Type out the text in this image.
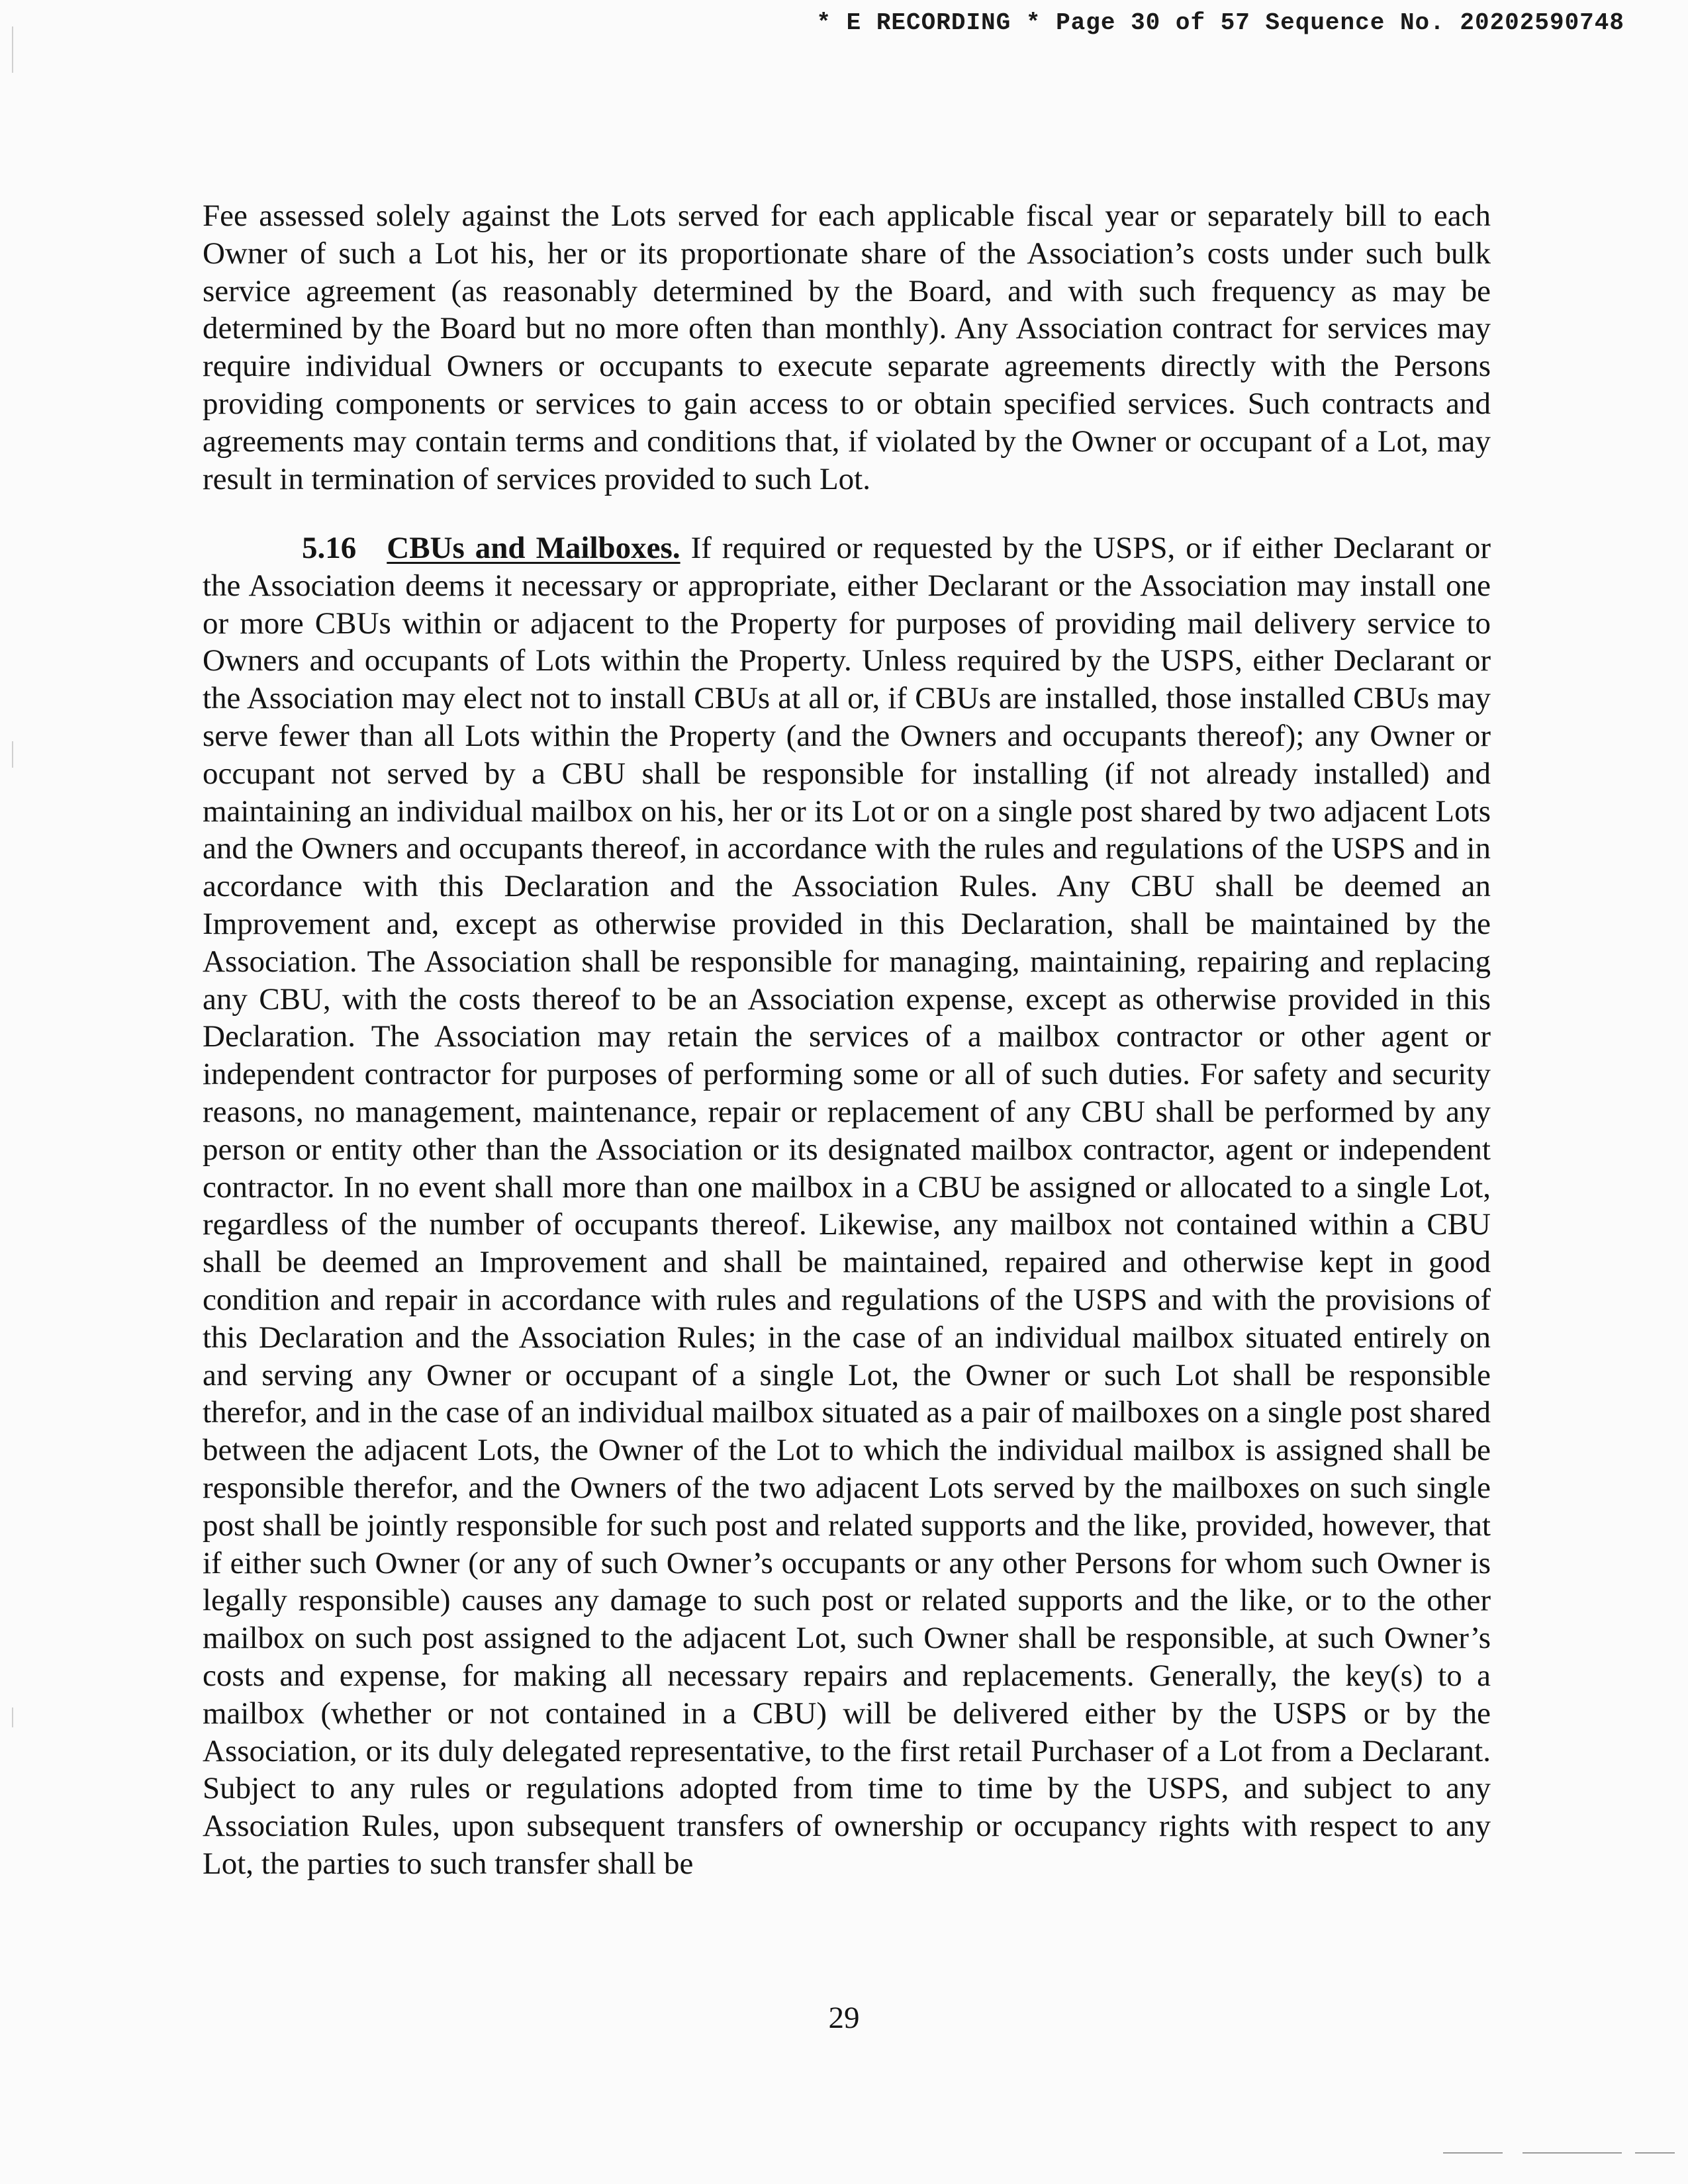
* E RECORDING * Page 30 of 57 Sequence No. 20202590748
Fee assessed solely against the Lots served for each applicable fiscal year or separately bill to each Owner of such a Lot his, her or its proportionate share of the Association’s costs under such bulk service agreement (as reasonably determined by the Board, and with such frequency as may be determined by the Board but no more often than monthly). Any Association contract for services may require individual Owners or occupants to execute separate agreements directly with the Persons providing components or services to gain access to or obtain specified services. Such contracts and agreements may contain terms and conditions that, if violated by the Owner or occupant of a Lot, may result in termination of services provided to such Lot.
5.16 CBUs and Mailboxes. If required or requested by the USPS, or if either Declarant or the Association deems it necessary or appropriate, either Declarant or the Association may install one or more CBUs within or adjacent to the Property for purposes of providing mail delivery service to Owners and occupants of Lots within the Property. Unless required by the USPS, either Declarant or the Association may elect not to install CBUs at all or, if CBUs are installed, those installed CBUs may serve fewer than all Lots within the Property (and the Owners and occupants thereof); any Owner or occupant not served by a CBU shall be responsible for installing (if not already installed) and maintaining an individual mailbox on his, her or its Lot or on a single post shared by two adjacent Lots and the Owners and occupants thereof, in accordance with the rules and regulations of the USPS and in accordance with this Declaration and the Association Rules. Any CBU shall be deemed an Improvement and, except as otherwise provided in this Declaration, shall be maintained by the Association. The Association shall be responsible for managing, maintaining, repairing and replacing any CBU, with the costs thereof to be an Association expense, except as otherwise provided in this Declaration. The Association may retain the services of a mailbox contractor or other agent or independent contractor for purposes of performing some or all of such duties. For safety and security reasons, no management, maintenance, repair or replacement of any CBU shall be performed by any person or entity other than the Association or its designated mailbox contractor, agent or independent contractor. In no event shall more than one mailbox in a CBU be assigned or allocated to a single Lot, regardless of the number of occupants thereof. Likewise, any mailbox not contained within a CBU shall be deemed an Improvement and shall be maintained, repaired and otherwise kept in good condition and repair in accordance with rules and regulations of the USPS and with the provisions of this Declaration and the Association Rules; in the case of an individual mailbox situated entirely on and serving any Owner or occupant of a single Lot, the Owner or such Lot shall be responsible therefor, and in the case of an individual mailbox situated as a pair of mailboxes on a single post shared between the adjacent Lots, the Owner of the Lot to which the individual mailbox is assigned shall be responsible therefor, and the Owners of the two adjacent Lots served by the mailboxes on such single post shall be jointly responsible for such post and related supports and the like, provided, however, that if either such Owner (or any of such Owner’s occupants or any other Persons for whom such Owner is legally responsible) causes any damage to such post or related supports and the like, or to the other mailbox on such post assigned to the adjacent Lot, such Owner shall be responsible, at such Owner’s costs and expense, for making all necessary repairs and replacements. Generally, the key(s) to a mailbox (whether or not contained in a CBU) will be delivered either by the USPS or by the Association, or its duly delegated representative, to the first retail Purchaser of a Lot from a Declarant. Subject to any rules or regulations adopted from time to time by the USPS, and subject to any Association Rules, upon subsequent transfers of ownership or occupancy rights with respect to any Lot, the parties to such transfer shall be
29
